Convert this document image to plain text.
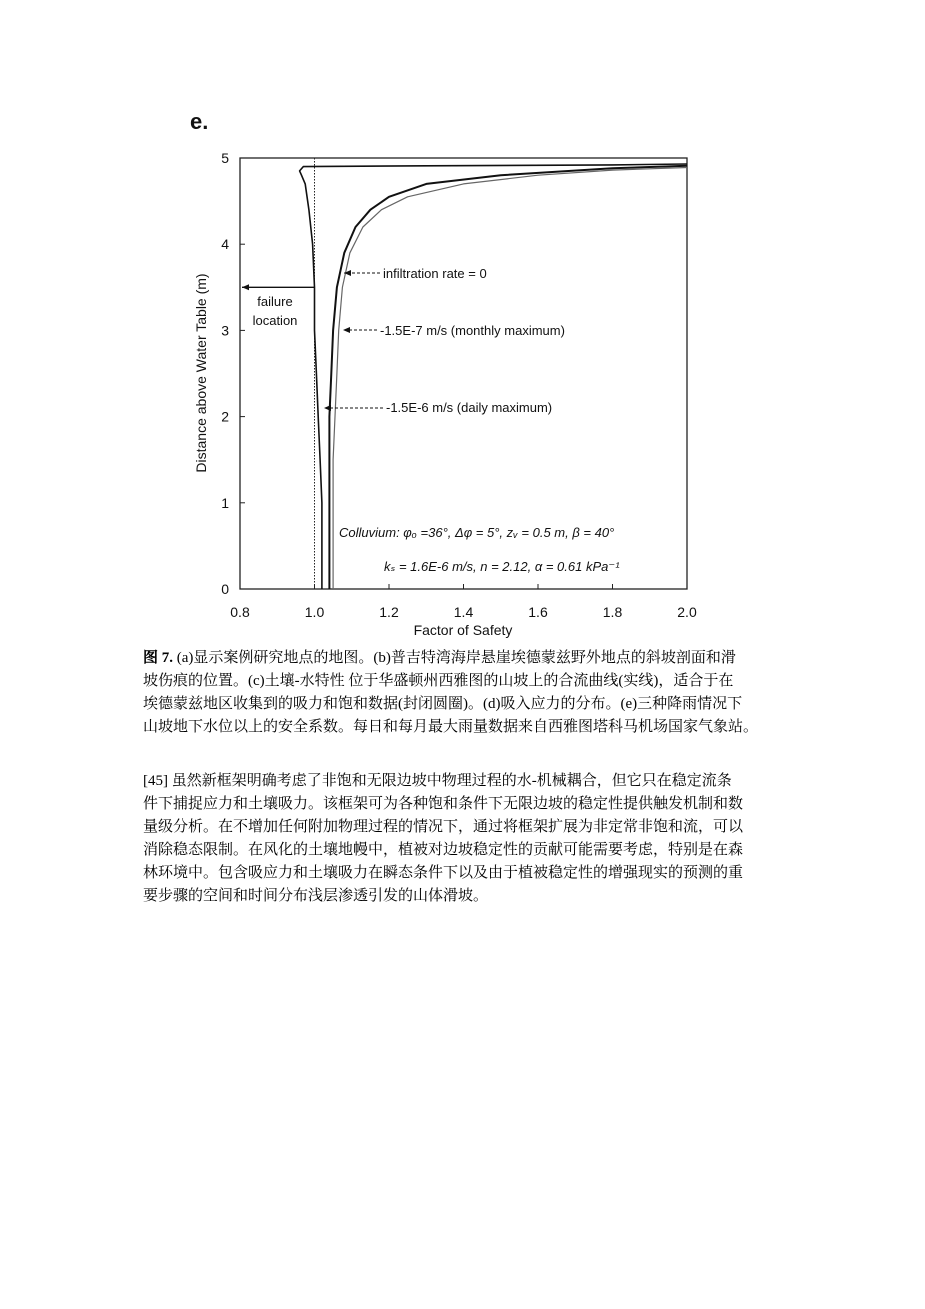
e.
0.8	1.0	1.2	1.4	1.6	1.8	2.0
0
1
2
3
4
5
Factor of Safety
Distance above Water Table (m)	failure
location
infiltration rate = 0
-1.5E-7 m/s (monthly maximum)
-1.5E-6 m/s (daily maximum)
Colluvium: φₒ =36°, Δφ = 5°, zᵥ = 0.5 m, β = 40°
kₛ = 1.6E-6 m/s, n = 2.12, α = 0.61 kPa⁻¹
图 7. (a)显示案例研究地点的地图。(b)普吉特湾海岸悬崖埃德蒙兹野外地点的斜坡剖面和滑
坡伤痕的位置。(c)土壤-水特性 位于华盛顿州西雅图的山坡上的合流曲线(实线)，适合于在
埃德蒙兹地区收集到的吸力和饱和数据(封闭圆圈)。(d)吸入应力的分布。(e)三种降雨情况下
山坡地下水位以上的安全系数。每日和每月最大雨量数据来自西雅图塔科马机场国家气象站。
[45] 虽然新框架明确考虑了非饱和无限边坡中物理过程的水-机械耦合，但它只在稳定流条
件下捕捉应力和土壤吸力。该框架可为各种饱和条件下无限边坡的稳定性提供触发机制和数
量级分析。在不增加任何附加物理过程的情况下，通过将框架扩展为非定常非饱和流，可以
消除稳态限制。在风化的土壤地幔中，植被对边坡稳定性的贡献可能需要考虑，特别是在森
林环境中。包含吸应力和土壤吸力在瞬态条件下以及由于植被稳定性的增强现实的预测的重
要步骤的空间和时间分布浅层渗透引发的山体滑坡。
